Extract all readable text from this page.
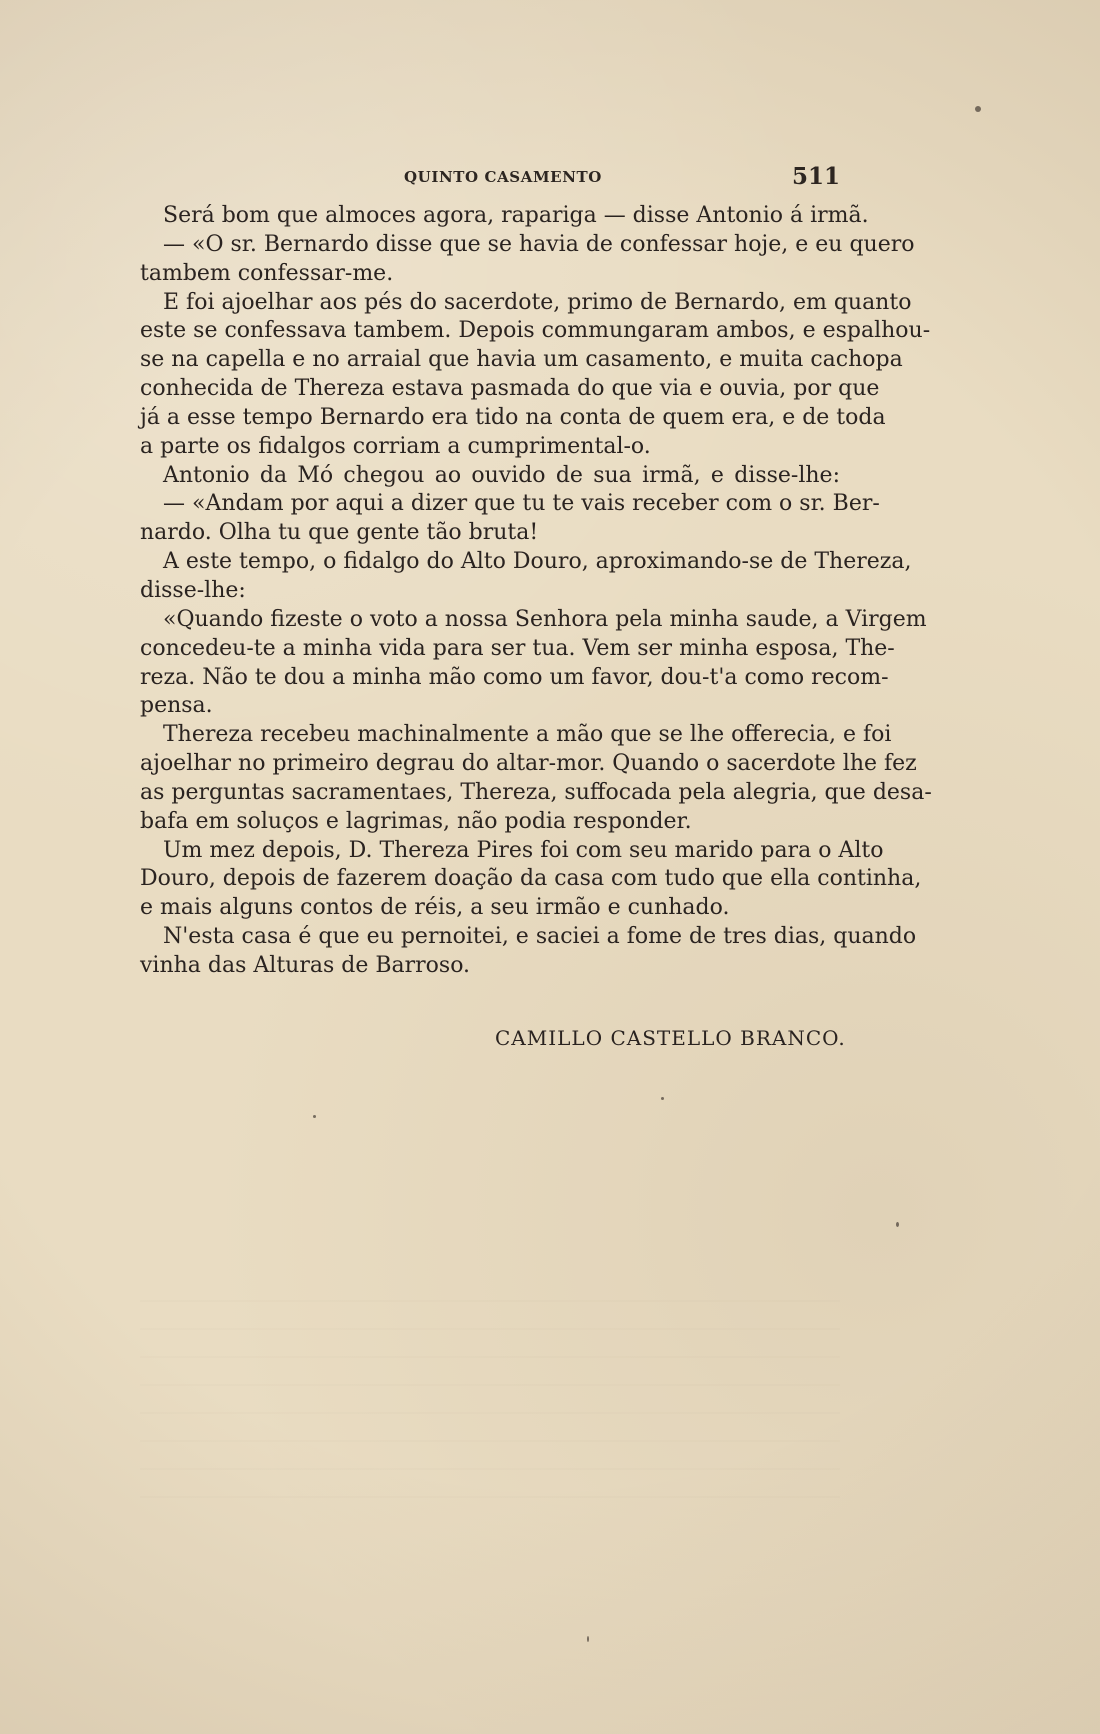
QUINTO CASAMENTO	511
Será bom que almoces agora, rapariga — disse Antonio á irmã.
— «O sr. Bernardo disse que se havia de confessar hoje, e eu quero
tambem confessar-me.
E foi ajoelhar aos pés do sacerdote, primo de Bernardo, em quanto
este se confessava tambem. Depois commungaram ambos, e espalhou-
se na capella e no arraial que havia um casamento, e muita cachopa
conhecida de Thereza estava pasmada do que via e ouvia, por que
já a esse tempo Bernardo era tido na conta de quem era, e de toda
a parte os fidalgos corriam a cumprimental-o.
Antonio da Mó chegou ao ouvido de sua irmã, e disse-lhe:
— «Andam por aqui a dizer que tu te vais receber com o sr. Ber-
nardo. Olha tu que gente tão bruta!
A este tempo, o fidalgo do Alto Douro, aproximando-se de Thereza,
disse-lhe:
«Quando fizeste o voto a nossa Senhora pela minha saude, a Virgem
concedeu-te a minha vida para ser tua. Vem ser minha esposa, The-
reza. Não te dou a minha mão como um favor, dou-t'a como recom-
pensa.
Thereza recebeu machinalmente a mão que se lhe offerecia, e foi
ajoelhar no primeiro degrau do altar-mor. Quando o sacerdote lhe fez
as perguntas sacramentaes, Thereza, suffocada pela alegria, que desa-
bafa em soluços e lagrimas, não podia responder.
Um mez depois, D. Thereza Pires foi com seu marido para o Alto
Douro, depois de fazerem doação da casa com tudo que ella continha,
e mais alguns contos de réis, a seu irmão e cunhado.
N'esta casa é que eu pernoitei, e saciei a fome de tres dias, quando
vinha das Alturas de Barroso.
CAMILLO CASTELLO BRANCO.
